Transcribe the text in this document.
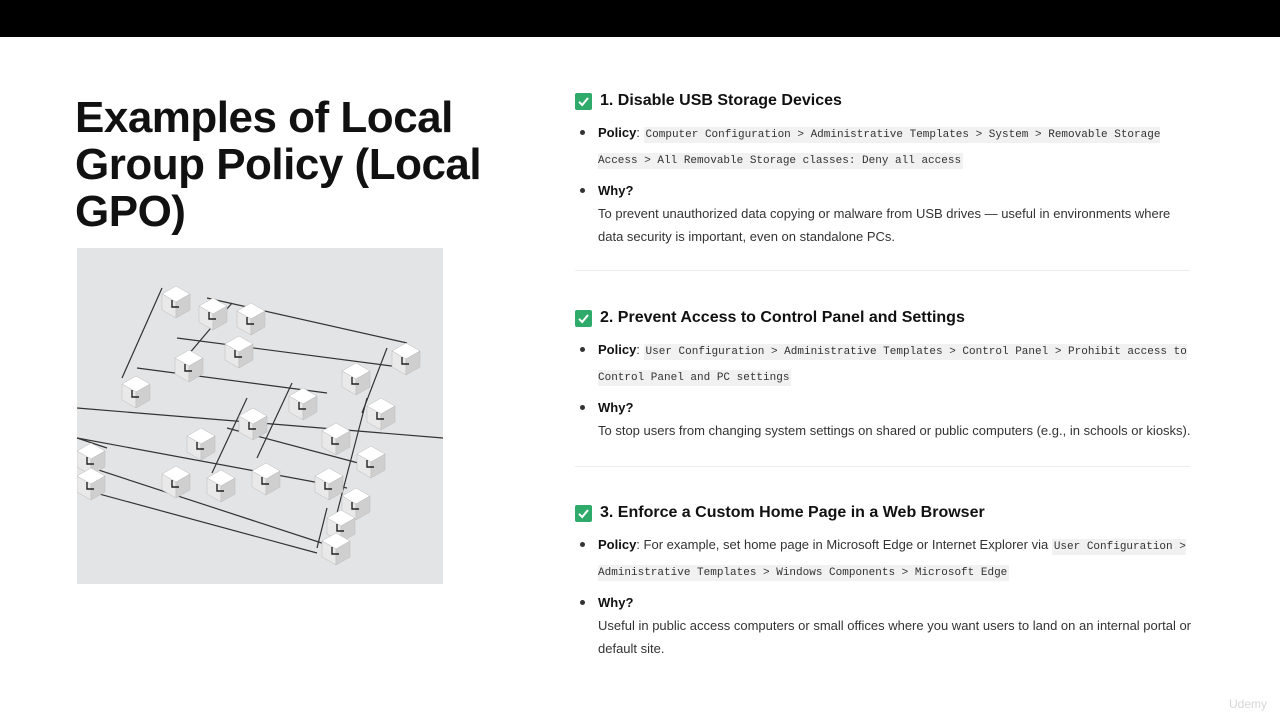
Examples of Local Group Policy (Local GPO)
1. Disable USB Storage Devices
Policy: Computer Configuration > Administrative Templates > System > Removable Storage Access > All Removable Storage classes: Deny all access
Why?
To prevent unauthorized data copying or malware from USB drives — useful in environments where data security is important, even on standalone PCs.
2. Prevent Access to Control Panel and Settings
Policy: User Configuration > Administrative Templates > Control Panel > Prohibit access to Control Panel and PC settings
Why?
To stop users from changing system settings on shared or public computers (e.g., in schools or kiosks).
3. Enforce a Custom Home Page in a Web Browser
Policy: For example, set home page in Microsoft Edge or Internet Explorer via User Configuration > Administrative Templates > Windows Components > Microsoft Edge
Why?
Useful in public access computers or small offices where you want users to land on an internal portal or default site.
Udemy
